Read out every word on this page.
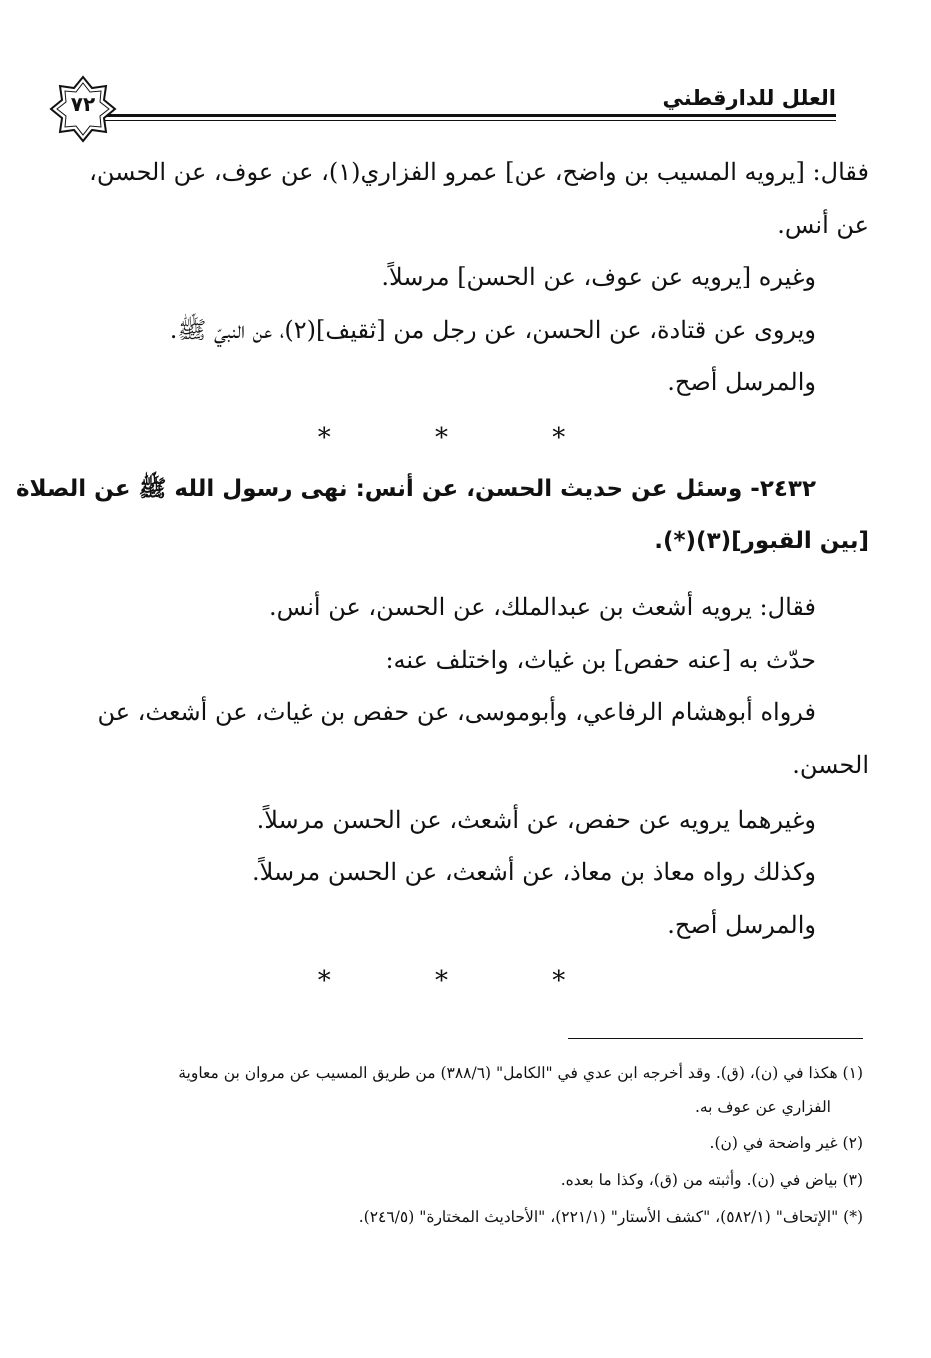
العلل للدارقطني
٧٢
فقال: [يرويه المسيب بن واضح، عن] عمرو الفزاري(١)، عن عوف، عن الحسن،
عن أنس.
وغيره [يرويه عن عوف، عن الحسن] مرسلاً.
ويروى عن قتادة، عن الحسن، عن رجل من [ثقيف](٢)، عن النبيّ ﷺ.
والمرسل أصح.
* * *
٢٤٣٢- وسئل عن حديث الحسن، عن أنس: نهى رسول الله ﷺ عن الصلاة
[بين القبور](٣)(*).
فقال: يرويه أشعث بن عبدالملك، عن الحسن، عن أنس.
حدّث به [عنه حفص] بن غياث، واختلف عنه:
فرواه أبوهشام الرفاعي، وأبوموسى، عن حفص بن غياث، عن أشعث، عن
الحسن.
وغيرهما يرويه عن حفص، عن أشعث، عن الحسن مرسلاً.
وكذلك رواه معاذ بن معاذ، عن أشعث، عن الحسن مرسلاً.
والمرسل أصح.
* * *
(١) هكذا في (ن)، (ق). وقد أخرجه ابن عدي في "الكامل" (٣٨٨/٦) من طريق المسيب عن مروان بن معاوية
الفزاري عن عوف به.
(٢) غير واضحة في (ن).
(٣) بياض في (ن). وأثبته من (ق)، وكذا ما بعده.
(*) "الإتحاف" (٥٨٢/١)، "كشف الأستار" (٢٢١/١)، "الأحاديث المختارة" (٢٤٦/٥).
